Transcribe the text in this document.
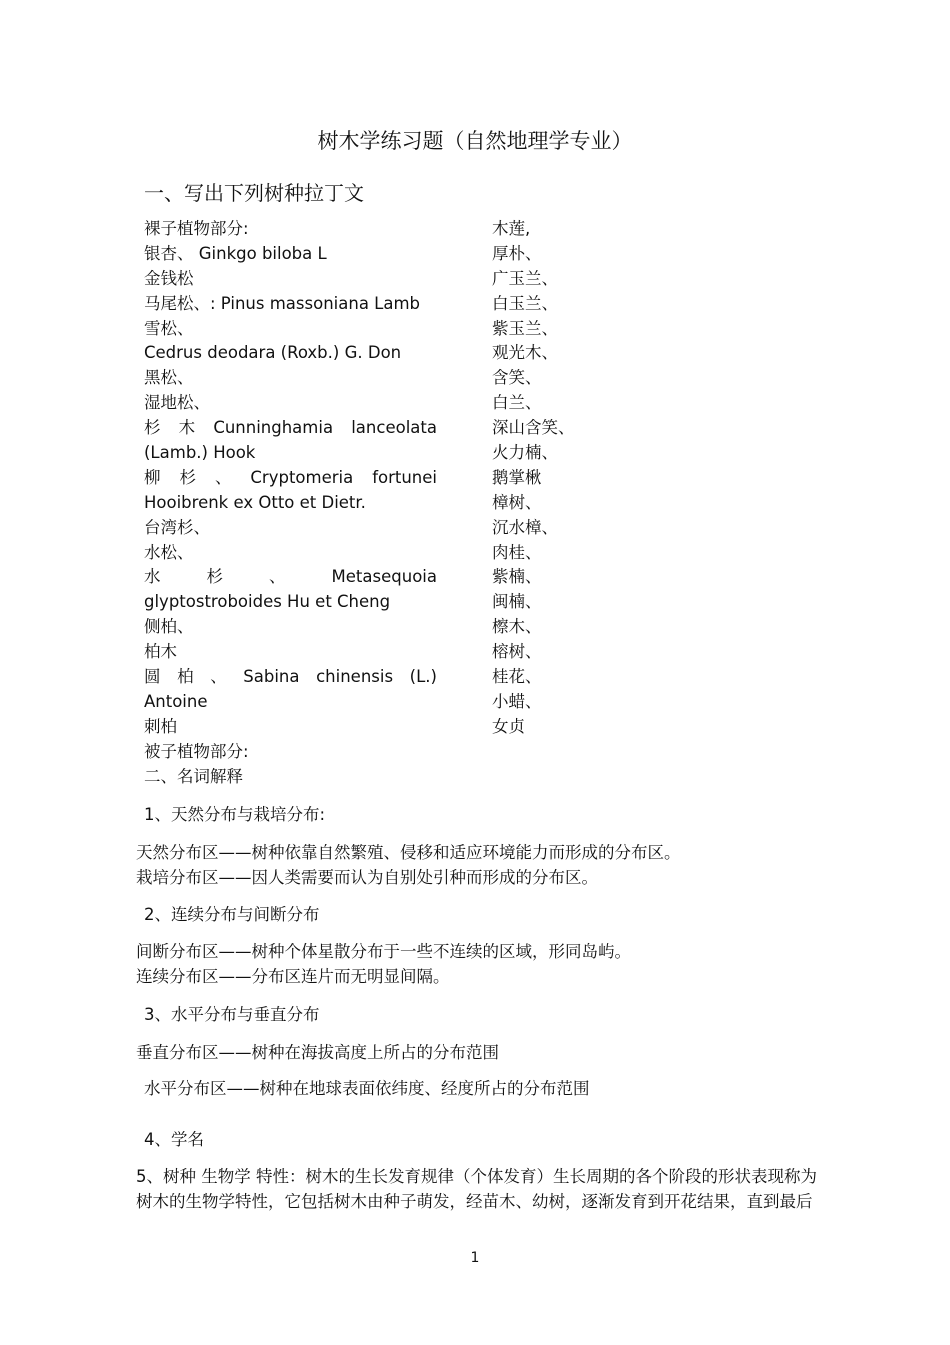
树木学练习题（自然地理学专业）
一、写出下列树种拉丁文
裸子植物部分:
银杏、 Ginkgo biloba L
金钱松
马尾松、: Pinus massoniana Lamb
雪松、
Cedrus deodara (Roxb.) G. Don
黑松、
湿地松、
杉 木 Cunninghamia lanceolata
(Lamb.) Hook
柳 杉 、 Cryptomeria fortunei
Hooibrenk ex Otto et Dietr.
台湾杉、
水松、
水	杉	、	Metasequoia
glyptostroboides Hu et Cheng
侧柏、
柏木
圆 柏 、 Sabina chinensis (L.)
Antoine
刺柏
被子植物部分:
二、名词解释
木莲,
厚朴、
广玉兰、
白玉兰、
紫玉兰、
观光木、
含笑、
白兰、
深山含笑、
火力楠、
鹅掌楸
樟树、
沉水樟、
肉桂、
紫楠、
闽楠、
檫木、
榕树、
桂花、
小蜡、
女贞
1、天然分布与栽培分布:
天然分布区——树种依靠自然繁殖、侵移和适应环境能力而形成的分布区。
栽培分布区——因人类需要而认为自别处引种而形成的分布区。
2、连续分布与间断分布
间断分布区——树种个体星散分布于一些不连续的区域，形同岛屿。
连续分布区——分布区连片而无明显间隔。
3、水平分布与垂直分布
垂直分布区——树种在海拔高度上所占的分布范围
水平分布区——树种在地球表面依纬度、经度所占的分布范围
4、学名
5、树种 生物学 特性：树木的生长发育规律（个体发育）生长周期的各个阶段的形状表现称为
树木的生物学特性，它包括树木由种子萌发，经苗木、幼树，逐渐发育到开花结果，直到最后
1
